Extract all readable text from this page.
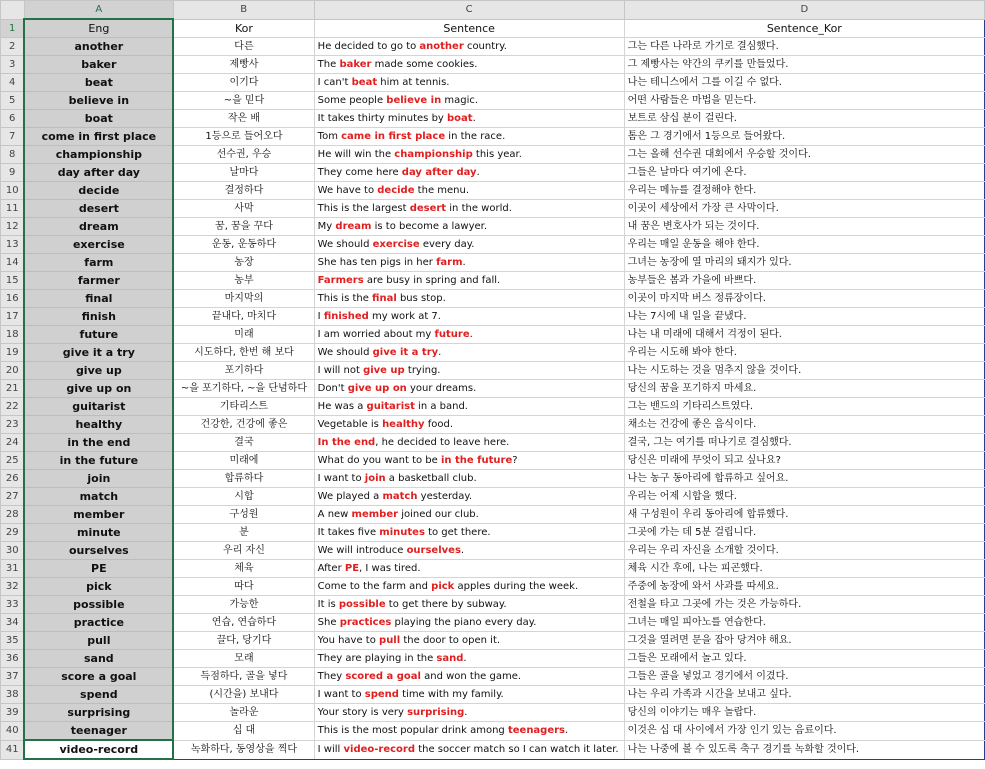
	A	B	C	D
1	Eng	Kor	Sentence	Sentence_Kor
2	another	다른	He decided to go to another country.	그는 다른 나라로 가기로 결심했다.
3	baker	제빵사	The baker made some cookies.	그 제빵사는 약간의 쿠키를 만들었다.
4	beat	이기다	I can't beat him at tennis.	나는 테니스에서 그를 이길 수 없다.
5	believe in	~을 믿다	Some people believe in magic.	어떤 사람들은 마법을 믿는다.
6	boat	작은 배	It takes thirty minutes by boat.	보트로 삼십 분이 걸린다.
7	come in first place	1등으로 들어오다	Tom came in first place in the race.	톰은 그 경기에서 1등으로 들어왔다.
8	championship	선수권, 우승	He will win the championship this year.	그는 올해 선수권 대회에서 우승할 것이다.
9	day after day	날마다	They come here day after day.	그들은 날마다 여기에 온다.
10	decide	결정하다	We have to decide the menu.	우리는 메뉴를 결정해야 한다.
11	desert	사막	This is the largest desert in the world.	이곳이 세상에서 가장 큰 사막이다.
12	dream	꿈, 꿈을 꾸다	My dream is to become a lawyer.	내 꿈은 변호사가 되는 것이다.
13	exercise	운동, 운동하다	We should exercise every day.	우리는 매일 운동을 해야 한다.
14	farm	농장	She has ten pigs in her farm.	그녀는 농장에 열 마리의 돼지가 있다.
15	farmer	농부	Farmers are busy in spring and fall.	농부들은 봄과 가을에 바쁘다.
16	final	마지막의	This is the final bus stop.	이곳이 마지막 버스 정류장이다.
17	finish	끝내다, 마치다	I finished my work at 7.	나는 7시에 내 일을 끝냈다.
18	future	미래	I am worried about my future.	나는 내 미래에 대해서 걱정이 된다.
19	give it a try	시도하다, 한번 해 보다	We should give it a try.	우리는 시도해 봐야 한다.
20	give up	포기하다	I will not give up trying.	나는 시도하는 것을 멈추지 않을 것이다.
21	give up on	~을 포기하다, ~을 단념하다	Don't give up on your dreams.	당신의 꿈을 포기하지 마세요.
22	guitarist	기타리스트	He was a guitarist in a band.	그는 밴드의 기타리스트였다.
23	healthy	건강한, 건강에 좋은	Vegetable is healthy food.	채소는 건강에 좋은 음식이다.
24	in the end	결국	In the end, he decided to leave here.	결국, 그는 여기를 떠나기로 결심했다.
25	in the future	미래에	What do you want to be in the future?	당신은 미래에 무엇이 되고 싶나요?
26	join	합류하다	I want to join a basketball club.	나는 농구 동아리에 합류하고 싶어요.
27	match	시합	We played a match yesterday.	우리는 어제 시합을 했다.
28	member	구성원	A new member joined our club.	새 구성원이 우리 동아리에 합류했다.
29	minute	분	It takes five minutes to get there.	그곳에 가는 데 5분 걸립니다.
30	ourselves	우리 자신	We will introduce ourselves.	우리는 우리 자신을 소개할 것이다.
31	PE	체육	After PE, I was tired.	체육 시간 후에, 나는 피곤했다.
32	pick	따다	Come to the farm and pick apples during the week.	주중에 농장에 와서 사과를 따세요.
33	possible	가능한	It is possible to get there by subway.	전철을 타고 그곳에 가는 것은 가능하다.
34	practice	연습, 연습하다	She practices playing the piano every day.	그녀는 매일 피아노를 연습한다.
35	pull	끌다, 당기다	You have to pull the door to open it.	그것을 열려면 문을 잡아 당겨야 해요.
36	sand	모래	They are playing in the sand.	그들은 모래에서 놀고 있다.
37	score a goal	득점하다, 골을 넣다	They scored a goal and won the game.	그들은 골을 넣었고 경기에서 이겼다.
38	spend	(시간을) 보내다	I want to spend time with my family.	나는 우리 가족과 시간을 보내고 싶다.
39	surprising	놀라운	Your story is very surprising.	당신의 이야기는 매우 놀랍다.
40	teenager	십 대	This is the most popular drink among teenagers.	이것은 십 대 사이에서 가장 인기 있는 음료이다.
41	video-record	녹화하다, 동영상을 찍다	I will video-record the soccer match so I can watch it later.	나는 나중에 볼 수 있도록 축구 경기를 녹화할 것이다.
